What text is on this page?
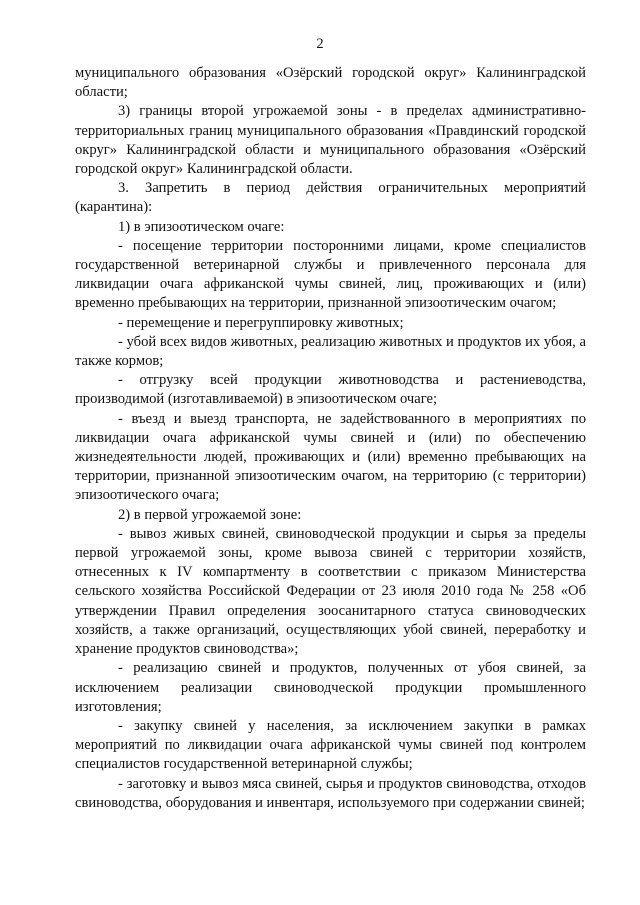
2

муниципального образования «Озёрский городской округ» Калининградской области;

3) границы второй угрожаемой зоны - в пределах административно-территориальных границ муниципального образования «Правдинский городской округ» Калининградской области и муниципального образования «Озёрский городской округ» Калининградской области.

3. Запретить в период действия ограничительных мероприятий (карантина):

1) в эпизоотическом очаге:

- посещение территории посторонними лицами, кроме специалистов государственной ветеринарной службы и привлеченного персонала для ликвидации очага африканской чумы свиней, лиц, проживающих и (или) временно пребывающих на территории, признанной эпизоотическим очагом;

- перемещение и перегруппировку животных;

- убой всех видов животных, реализацию животных и продуктов их убоя, а также кормов;

- отгрузку всей продукции животноводства и растениеводства, производимой (изготавливаемой) в эпизоотическом очаге;

- въезд и выезд транспорта, не задействованного в мероприятиях по ликвидации очага африканской чумы свиней и (или) по обеспечению жизнедеятельности людей, проживающих и (или) временно пребывающих на территории, признанной эпизоотическим очагом, на территорию (с территории) эпизоотического очага;

2) в первой угрожаемой зоне:

- вывоз живых свиней, свиноводческой продукции и сырья за пределы первой угрожаемой зоны, кроме вывоза свиней с территории хозяйств, отнесенных к IV компартменту в соответствии с приказом Министерства сельского хозяйства Российской Федерации от 23 июля 2010 года № 258 «Об утверждении Правил определения зоосанитарного статуса свиноводческих хозяйств, а также организаций, осуществляющих убой свиней, переработку и хранение продуктов свиноводства»;

- реализацию свиней и продуктов, полученных от убоя свиней, за исключением реализации свиноводческой продукции промышленного изготовления;

- закупку свиней у населения, за исключением закупки в рамках мероприятий по ликвидации очага африканской чумы свиней под контролем специалистов государственной ветеринарной службы;

- заготовку и вывоз мяса свиней, сырья и продуктов свиноводства, отходов свиноводства, оборудования и инвентаря, используемого при содержании свиней;
